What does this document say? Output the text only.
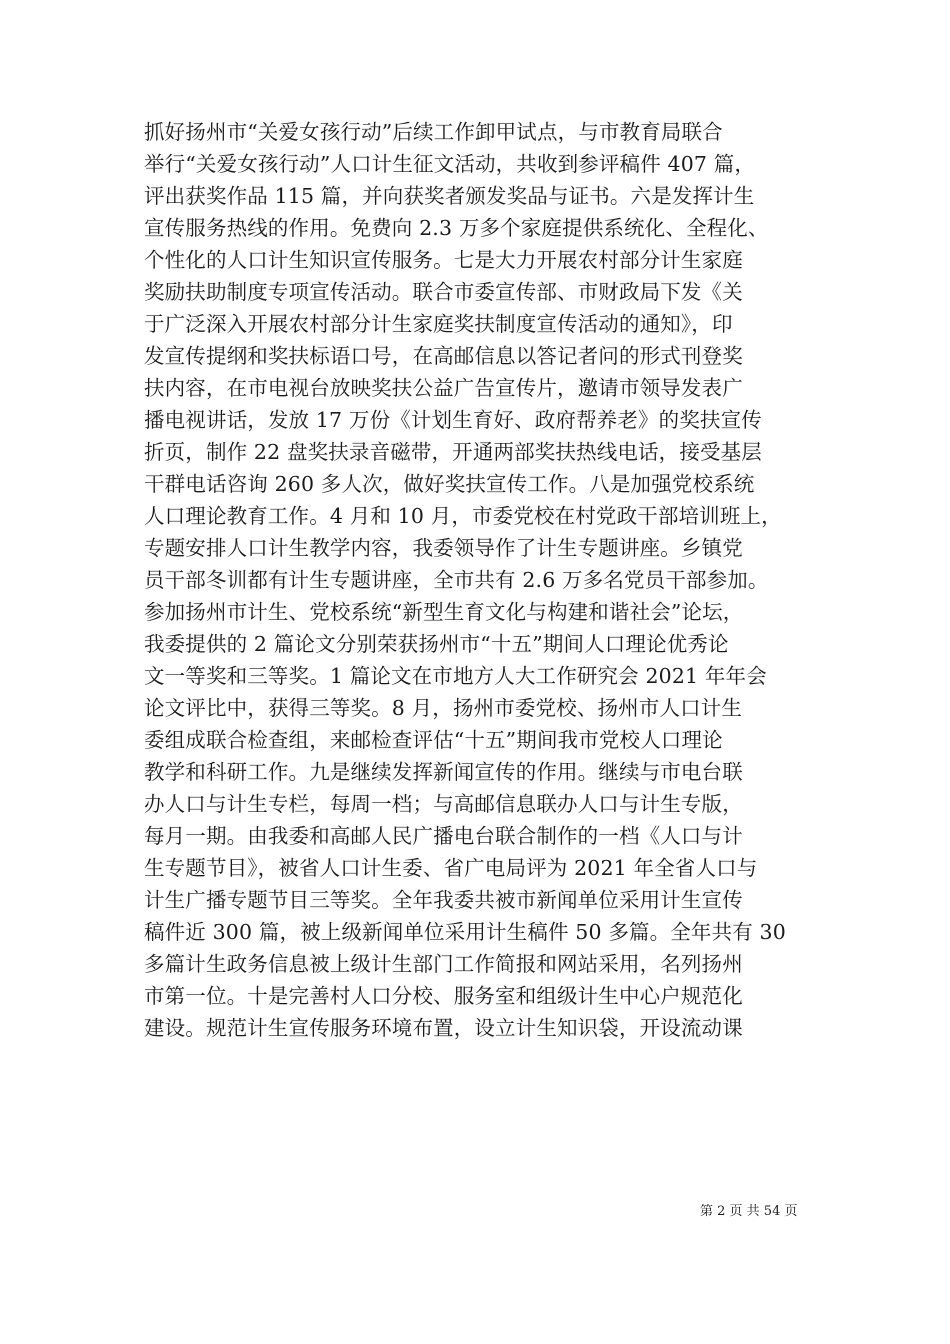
抓好扬州市“关爱女孩行动”后续工作卸甲试点，与市教育局联合
举行“关爱女孩行动”人口计生征文活动，共收到参评稿件 407 篇，
评出获奖作品 115 篇，并向获奖者颁发奖品与证书。六是发挥计生
宣传服务热线的作用。免费向 2.3 万多个家庭提供系统化、全程化、
个性化的人口计生知识宣传服务。七是大力开展农村部分计生家庭
奖励扶助制度专项宣传活动。联合市委宣传部、市财政局下发《关
于广泛深入开展农村部分计生家庭奖扶制度宣传活动的通知》，印
发宣传提纲和奖扶标语口号，在高邮信息以答记者问的形式刊登奖
扶内容，在市电视台放映奖扶公益广告宣传片，邀请市领导发表广
播电视讲话，发放 17 万份《计划生育好、政府帮养老》的奖扶宣传
折页，制作 22 盘奖扶录音磁带，开通两部奖扶热线电话，接受基层
干群电话咨询 260 多人次，做好奖扶宣传工作。八是加强党校系统
人口理论教育工作。4 月和 10 月，市委党校在村党政干部培训班上，
专题安排人口计生教学内容，我委领导作了计生专题讲座。乡镇党
员干部冬训都有计生专题讲座，全市共有 2.6 万多名党员干部参加。
参加扬州市计生、党校系统“新型生育文化与构建和谐社会”论坛，
我委提供的 2 篇论文分别荣获扬州市“十五”期间人口理论优秀论
文一等奖和三等奖。1 篇论文在市地方人大工作研究会 2021 年年会
论文评比中，获得三等奖。8 月，扬州市委党校、扬州市人口计生
委组成联合检查组，来邮检查评估“十五”期间我市党校人口理论
教学和科研工作。九是继续发挥新闻宣传的作用。继续与市电台联
办人口与计生专栏，每周一档；与高邮信息联办人口与计生专版，
每月一期。由我委和高邮人民广播电台联合制作的一档《人口与计
生专题节目》，被省人口计生委、省广电局评为 2021 年全省人口与
计生广播专题节目三等奖。全年我委共被市新闻单位采用计生宣传
稿件近 300 篇，被上级新闻单位采用计生稿件 50 多篇。全年共有 30
多篇计生政务信息被上级计生部门工作简报和网站采用，名列扬州
市第一位。十是完善村人口分校、服务室和组级计生中心户规范化
建设。规范计生宣传服务环境布置，设立计生知识袋，开设流动课
第 2 页 共 54 页
